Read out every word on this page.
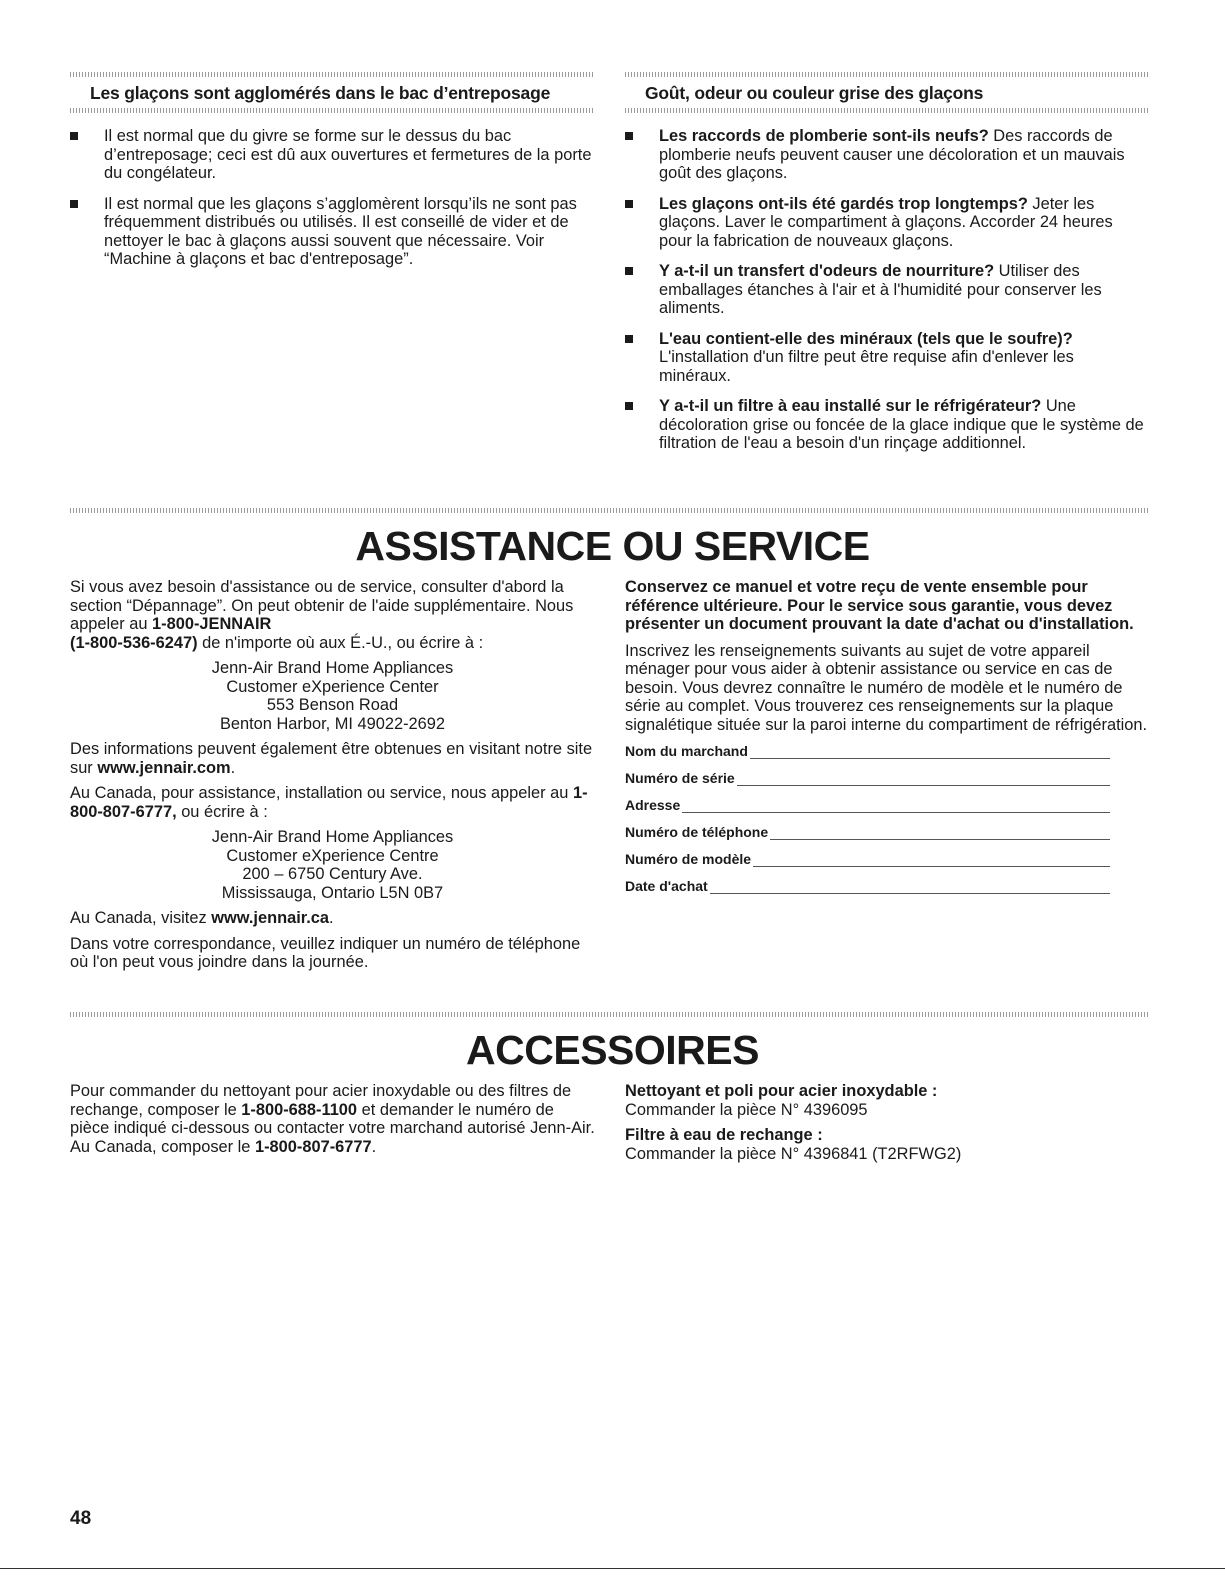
Les glaçons sont agglomérés dans le bac d’entreposage
Il est normal que du givre se forme sur le dessus du bac d’entreposage; ceci est dû aux ouvertures et fermetures de la porte du congélateur.
Il est normal que les glaçons s’agglomèrent lorsqu’ils ne sont pas fréquemment distribués ou utilisés. Il est conseillé de vider et de nettoyer le bac à glaçons aussi souvent que nécessaire. Voir “Machine à glaçons et bac d'entreposage”.
Goût, odeur ou couleur grise des glaçons
Les raccords de plomberie sont-ils neufs? Des raccords de plomberie neufs peuvent causer une décoloration et un mauvais goût des glaçons.
Les glaçons ont-ils été gardés trop longtemps? Jeter les glaçons. Laver le compartiment à glaçons. Accorder 24 heures pour la fabrication de nouveaux glaçons.
Y a-t-il un transfert d'odeurs de nourriture? Utiliser des emballages étanches à l'air et à l'humidité pour conserver les aliments.
L'eau contient-elle des minéraux (tels que le soufre)? L'installation d'un filtre peut être requise afin d'enlever les minéraux.
Y a-t-il un filtre à eau installé sur le réfrigérateur? Une décoloration grise ou foncée de la glace indique que le système de filtration de l'eau a besoin d'un rinçage additionnel.
ASSISTANCE OU SERVICE

Si vous avez besoin d'assistance ou de service, consulter d'abord la section “Dépannage”. On peut obtenir de l'aide supplémentaire. Nous appeler au 1-800-JENNAIR
(1-800-536-6247) de n'importe où aux É.-U., ou écrire à :

Jenn-Air Brand Home Appliances
Customer eXperience Center
553 Benson Road
Benton Harbor, MI 49022-2692

Des informations peuvent également être obtenues en visitant notre site sur www.jennair.com.

Au Canada, pour assistance, installation ou service, nous appeler au 1-800-807-6777, ou écrire à :

Jenn-Air Brand Home Appliances
Customer eXperience Centre
200 – 6750 Century Ave.
Mississauga, Ontario L5N 0B7

Au Canada, visitez www.jennair.ca.

Dans votre correspondance, veuillez indiquer un numéro de téléphone où l'on peut vous joindre dans la journée.

Conservez ce manuel et votre reçu de vente ensemble pour référence ultérieure. Pour le service sous garantie, vous devez présenter un document prouvant la date d'achat ou d'installation.

Inscrivez les renseignements suivants au sujet de votre appareil ménager pour vous aider à obtenir assistance ou service en cas de besoin. Vous devrez connaître le numéro de modèle et le numéro de série au complet. Vous trouverez ces renseignements sur la plaque signalétique située sur la paroi interne du compartiment de réfrigération.

Nom du marchand
Numéro de série
Adresse
Numéro de téléphone
Numéro de modèle
Date d'achat
ACCESSOIRES

Pour commander du nettoyant pour acier inoxydable ou des filtres de rechange, composer le 1-800-688-1100 et demander le numéro de pièce indiqué ci-dessous ou contacter votre marchand autorisé Jenn-Air. Au Canada, composer le 1-800-807-6777.

Nettoyant et poli pour acier inoxydable :

Commander la pièce N° 4396095

Filtre à eau de rechange :

Commander la pièce N° 4396841 (T2RFWG2)

48
